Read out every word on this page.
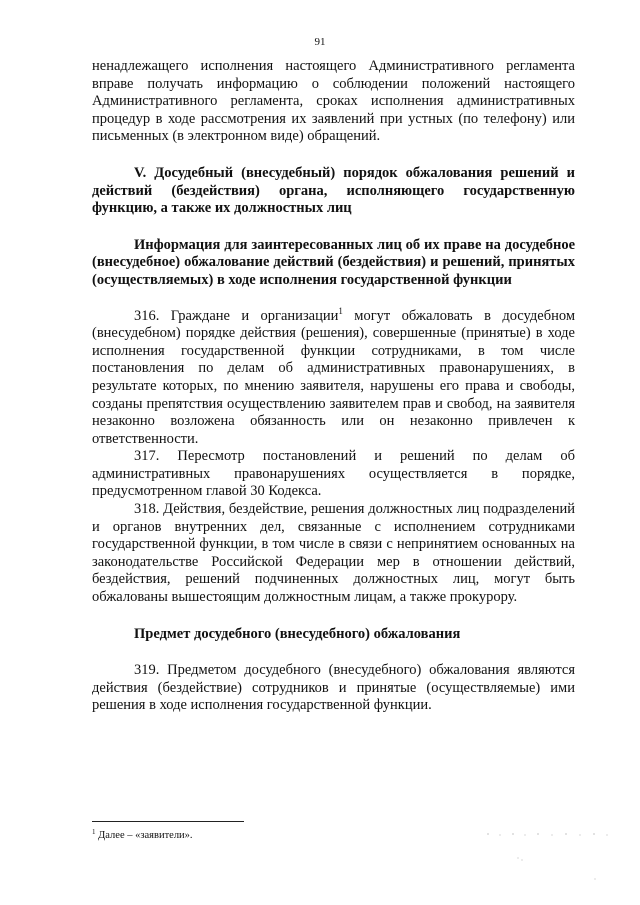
91

ненадлежащего исполнения настоящего Административного регламента вправе получать информацию о соблюдении положений настоящего Административного регламента, сроках исполнения административных процедур в ходе рассмотрения их заявлений при устных (по телефону) или письменных (в электронном виде) обращений.

V. Досудебный (внесудебный) порядок обжалования решений и действий (бездействия) органа, исполняющего государственную функцию, а также их должностных лиц

Информация для заинтересованных лиц об их праве на досудебное (внесудебное) обжалование действий (бездействия) и решений, принятых (осуществляемых) в ходе исполнения государственной функции

316. Граждане и организации$^1$ могут обжаловать в досудебном (внесудебном) порядке действия (решения), совершенные (принятые) в ходе исполнения государственной функции сотрудниками, в том числе постановления по делам об административных правонарушениях, в результате которых, по мнению заявителя, нарушены его права и свободы, созданы препятствия осуществлению заявителем прав и свобод, на заявителя незаконно возложена обязанность или он незаконно привлечен к ответственности.

317. Пересмотр постановлений и решений по делам об административных правонарушениях осуществляется в порядке, предусмотренном главой 30 Кодекса.

318. Действия, бездействие, решения должностных лиц подразделений и органов внутренних дел, связанные с исполнением сотрудниками государственной функции, в том числе в связи с непринятием основанных на законодательстве Российской Федерации мер в отношении действий, бездействия, решений подчиненных должностных лиц, могут быть обжалованы вышестоящим должностным лицам, а также прокурору.

Предмет досудебного (внесудебного) обжалования

319. Предметом досудебного (внесудебного) обжалования являются действия (бездействие) сотрудников и принятые (осуществляемые) ими решения в ходе исполнения государственной функции.

$^1$ Далее – «заявители».
